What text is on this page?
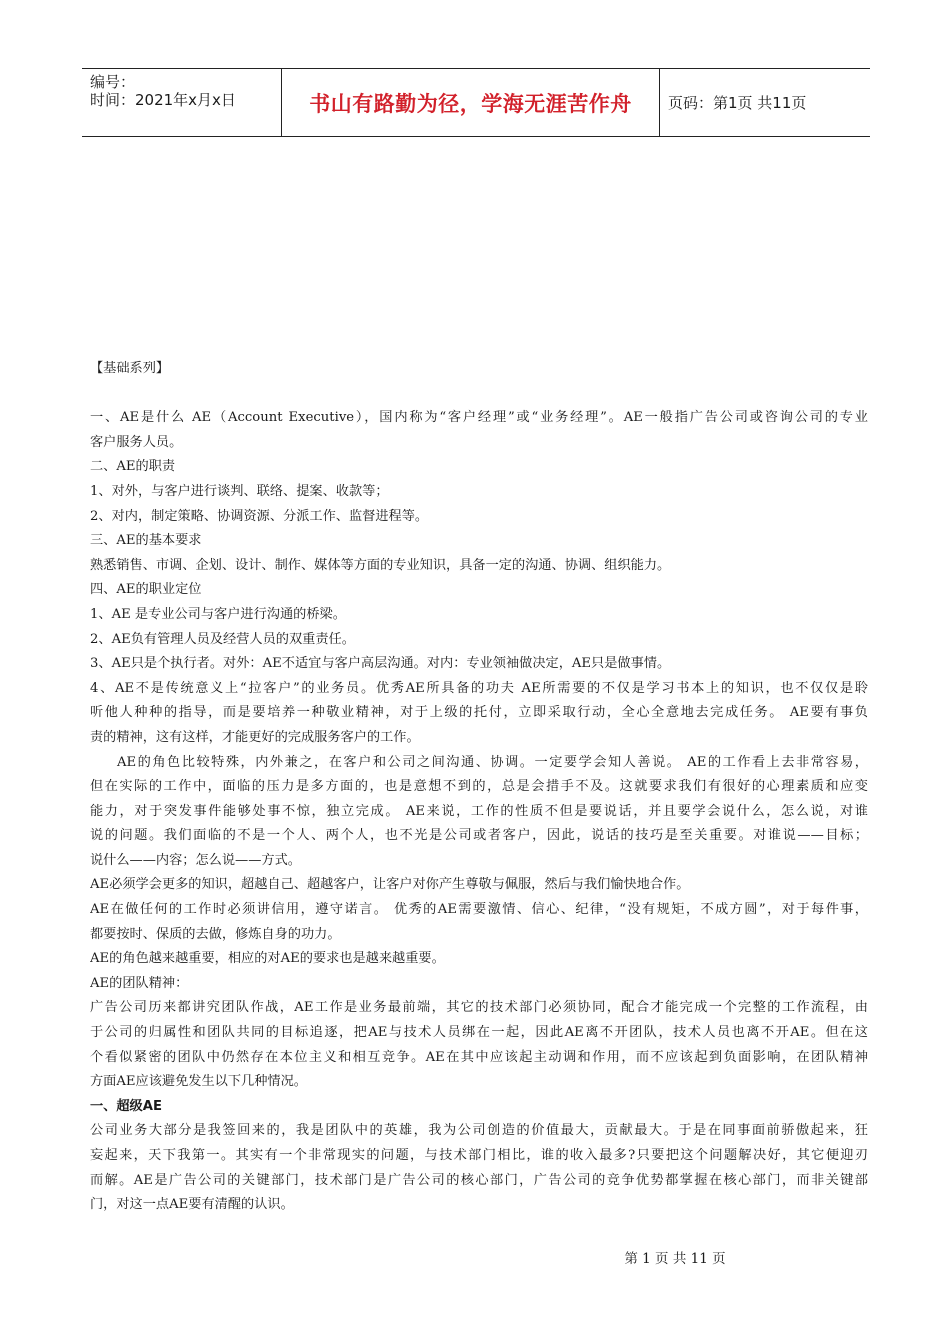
编号：
时间：2021年x月x日	书山有路勤为径，学海无涯苦作舟	页码：第1页 共11页
【基础系列】
一、AE是什么 AE（Account Executive），国内称为“客户经理”或“业务经理”。AE一般指广告公司或咨询公司的专业
客户服务人员。
二、AE的职责
1、对外，与客户进行谈判、联络、提案、收款等；
2、对内，制定策略、协调资源、分派工作、监督进程等。
三、AE的基本要求
熟悉销售、市调、企划、设计、制作、媒体等方面的专业知识，具备一定的沟通、协调、组织能力。
四、AE的职业定位
1、AE 是专业公司与客户进行沟通的桥梁。
2、AE负有管理人员及经营人员的双重责任。
3、AE只是个执行者。对外：AE不适宜与客户高层沟通。对内：专业领袖做决定，AE只是做事情。
4、AE不是传统意义上“拉客户”的业务员。优秀AE所具备的功夫 AE所需要的不仅是学习书本上的知识，也不仅仅是聆
听他人种种的指导，而是要培养一种敬业精神，对于上级的托付，立即采取行动，全心全意地去完成任务。 AE要有事负
责的精神，这有这样，才能更好的完成服务客户的工作。
AE的角色比较特殊，内外兼之，在客户和公司之间沟通、协调。一定要学会知人善说。 AE的工作看上去非常容易，
但在实际的工作中，面临的压力是多方面的，也是意想不到的，总是会措手不及。这就要求我们有很好的心理素质和应变
能力，对于突发事件能够处事不惊，独立完成。 AE来说，工作的性质不但是要说话，并且要学会说什么，怎么说，对谁
说的问题。我们面临的不是一个人、两个人，也不光是公司或者客户，因此，说话的技巧是至关重要。对谁说——目标；
说什么——内容；怎么说——方式。
AE必须学会更多的知识，超越自己、超越客户，让客户对你产生尊敬与佩服，然后与我们愉快地合作。
AE在做任何的工作时必须讲信用，遵守诺言。 优秀的AE需要激情、信心、纪律，“没有规矩，不成方圆”，对于每件事，
都要按时、保质的去做，修炼自身的功力。
AE的角色越来越重要，相应的对AE的要求也是越来越重要。
AE的团队精神：
广告公司历来都讲究团队作战，AE工作是业务最前端，其它的技术部门必须协同，配合才能完成一个完整的工作流程，由
于公司的归属性和团队共同的目标追逐，把AE与技术人员绑在一起，因此AE离不开团队，技术人员也离不开AE。但在这
个看似紧密的团队中仍然存在本位主义和相互竞争。AE在其中应该起主动调和作用，而不应该起到负面影响，在团队精神
方面AE应该避免发生以下几种情况。
一、超级AE
公司业务大部分是我签回来的，我是团队中的英雄，我为公司创造的价值最大，贡献最大。于是在同事面前骄傲起来，狂
妄起来，天下我第一。其实有一个非常现实的问题，与技术部门相比，谁的收入最多?只要把这个问题解决好，其它便迎刃
而解。AE是广告公司的关键部门，技术部门是广告公司的核心部门，广告公司的竞争优势都掌握在核心部门，而非关键部
门，对这一点AE要有清醒的认识。
第 1 页 共 11 页
